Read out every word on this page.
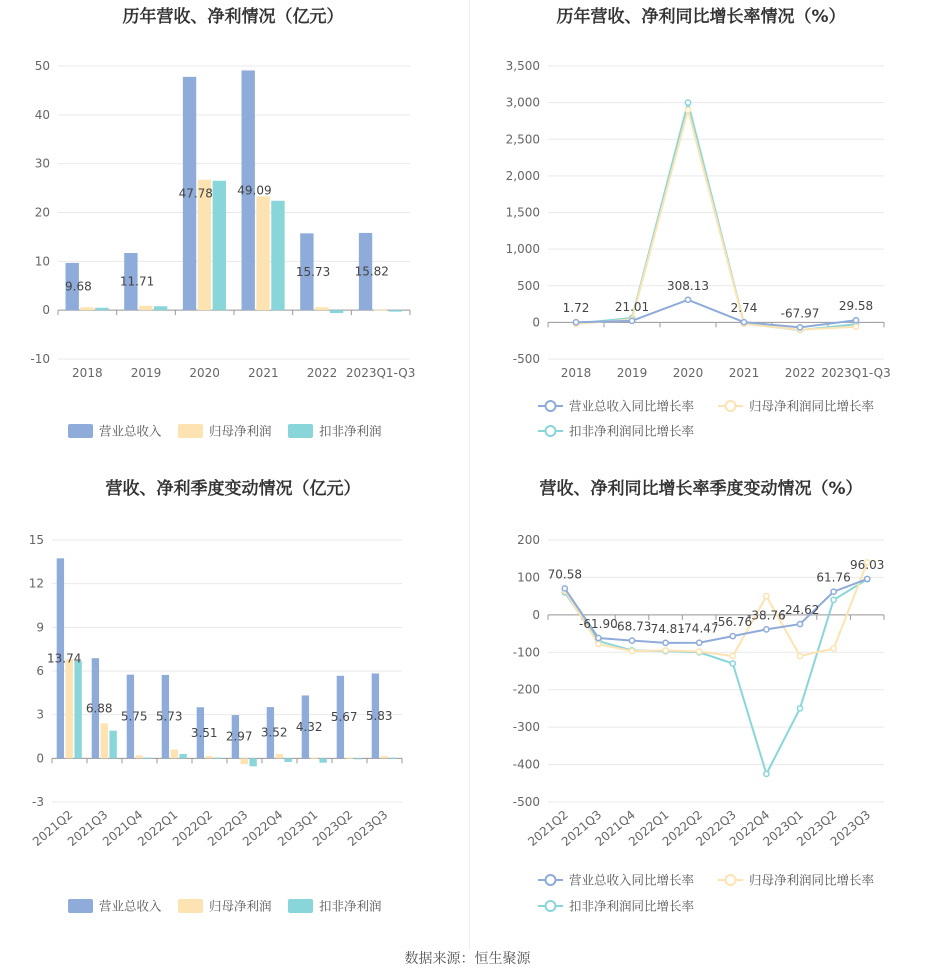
历年营收、净利情况（亿元）
-10
0
10
20
30
40
50
2018 2019 2020 2021 2022 2023Q1-Q3
9.68 11.71
47.78 49.09
15.73 15.82
营业总收入	归母净利润	扣非净利润
历年营收、净利同比增长率情况（%）
-500
0
500
1,000
1,500
2,000
2,500
3,000
3,500
2018 2019 2020 2021 2022 2023Q1-Q3
1.72 21.01
308.13
2.74 -67.97
29.58
营业总收入同比增长率	归母净利润同比增长率
扣非净利润同比增长率
营收、净利季度变动情况（亿元）
-3
0
3
6
9
12
15
2021Q2
2021Q3
2021Q4
2022Q1
2022Q2
2022Q3
2022Q4
2023Q1
2023Q2
2023Q3
13.74
6.88
5.75 5.73
3.51 2.97 3.52 4.32
5.67 5.83
营业总收入	归母净利润	扣非净利润
营收、净利同比增长率季度变动情况（%）
-500
-400
-300
-200
-100
0
100
200
2021Q2
2021Q3
2021Q4
2022Q1
2022Q2
2022Q3
2022Q4
2023Q1
2023Q2
2023Q3
70.58
-61.90
-68.73
-74.81
-74.47
-56.76
-38.76
-24.62
61.76
96.03
营业总收入同比增长率	归母净利润同比增长率
扣非净利润同比增长率
数据来源：恒生聚源
